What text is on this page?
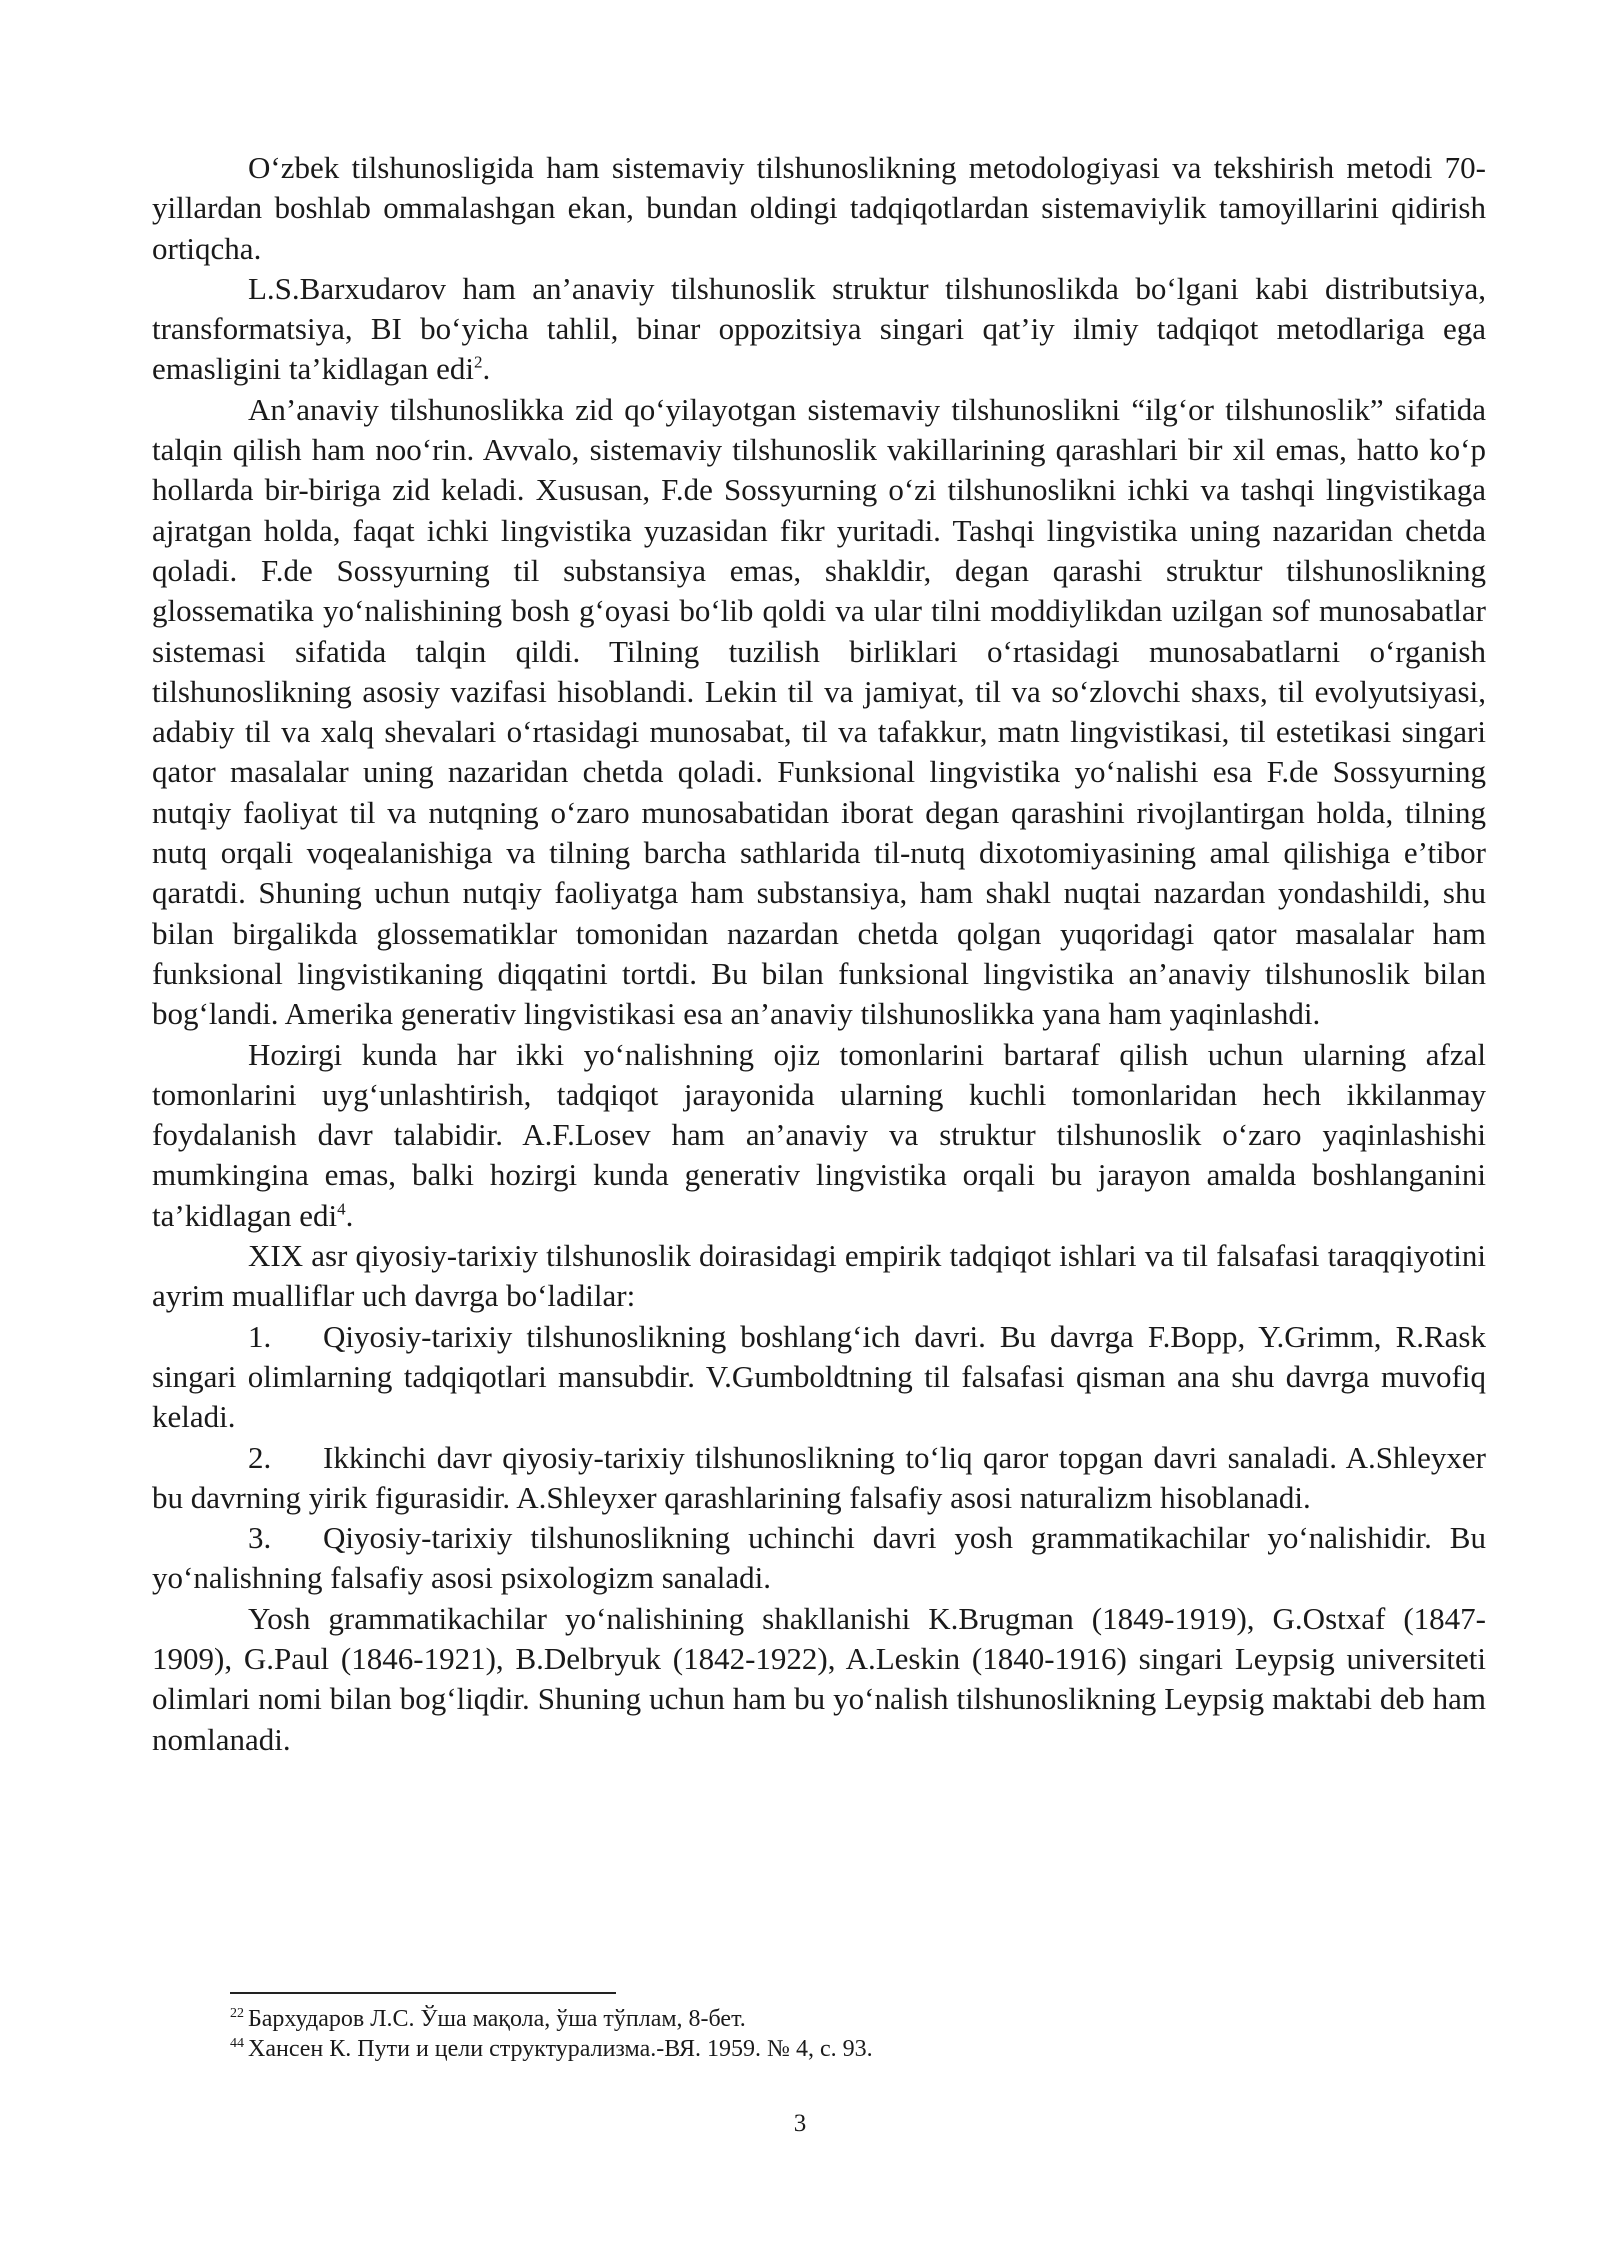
O‘zbek tilshunosligida ham sistemaviy tilshunoslikning metodologiyasi va tekshirish metodi 70-yillardan boshlab ommalashgan ekan, bundan oldingi tadqiqotlardan sistemaviylik tamoyillarini qidirish ortiqcha.

L.S.Barxudarov ham an’anaviy tilshunoslik struktur tilshunoslikda bo‘lgani kabi distributsiya, transformatsiya, BI bo‘yicha tahlil, binar oppozitsiya singari qat’iy ilmiy tadqiqot metodlariga ega emasligini ta’kidlagan edi$^2$.

An’anaviy tilshunoslikka zid qo‘yilayotgan sistemaviy tilshunoslikni “ilg‘or tilshunoslik” sifatida talqin qilish ham noo‘rin. Avvalo, sistemaviy tilshunoslik vakillarining qarashlari bir xil emas, hatto ko‘p hollarda bir-biriga zid keladi. Xususan, F.de Sossyurning o‘zi tilshunoslikni ichki va tashqi lingvistikaga ajratgan holda, faqat ichki lingvistika yuzasidan fikr yuritadi. Tashqi lingvistika uning nazaridan chetda qoladi. F.de Sossyurning til substansiya emas, shakldir, degan qarashi struktur tilshunoslikning glossematika yo‘nalishining bosh g‘oyasi bo‘lib qoldi va ular tilni moddiylikdan uzilgan sof munosabatlar sistemasi sifatida talqin qildi. Tilning tuzilish birliklari o‘rtasidagi munosabatlarni o‘rganish tilshunoslikning asosiy vazifasi hisoblandi. Lekin til va jamiyat, til va so‘zlovchi shaxs, til evolyutsiyasi, adabiy til va xalq shevalari o‘rtasidagi munosabat, til va tafakkur, matn lingvistikasi, til estetikasi singari qator masalalar uning nazaridan chetda qoladi. Funksional lingvistika yo‘nalishi esa F.de Sossyurning nutqiy faoliyat til va nutqning o‘zaro munosabatidan iborat degan qarashini rivojlantirgan holda, tilning nutq orqali voqealanishiga va tilning barcha sathlarida til-nutq dixotomiyasining amal qilishiga e’tibor qaratdi. Shuning uchun nutqiy faoliyatga ham substansiya, ham shakl nuqtai nazardan yondashildi, shu bilan birgalikda glossematiklar tomonidan nazardan chetda qolgan yuqoridagi qator masalalar ham funksional lingvistikaning diqqatini tortdi. Bu bilan funksional lingvistika an’anaviy tilshunoslik bilan bog‘landi. Amerika generativ lingvistikasi esa an’anaviy tilshunoslikka yana ham yaqinlashdi.

Hozirgi kunda har ikki yo‘nalishning ojiz tomonlarini bartaraf qilish uchun ularning afzal tomonlarini uyg‘unlashtirish, tadqiqot jarayonida ularning kuchli tomonlaridan hech ikkilanmay foydalanish davr talabidir. A.F.Losev ham an’anaviy va struktur tilshunoslik o‘zaro yaqinlashishi mumkingina emas, balki hozirgi kunda generativ lingvistika orqali bu jarayon amalda boshlanganini ta’kidlagan edi$^4$.

XIX asr qiyosiy-tarixiy tilshunoslik doirasidagi empirik tadqiqot ishlari va til falsafasi taraqqiyotini ayrim mualliflar uch davrga bo‘ladilar:

1. Qiyosiy-tarixiy tilshunoslikning boshlang‘ich davri. Bu davrga F.Bopp, Y.Grimm, R.Rask singari olimlarning tadqiqotlari mansubdir. V.Gumboldtning til falsafasi qisman ana shu davrga muvofiq keladi.

2. Ikkinchi davr qiyosiy-tarixiy tilshunoslikning to‘liq qaror topgan davri sanaladi. A.Shleyxer bu davrning yirik figurasidir. A.Shleyxer qarashlarining falsafiy asosi naturalizm hisoblanadi.

3. Qiyosiy-tarixiy tilshunoslikning uchinchi davri yosh grammatikachilar yo‘nalishidir. Bu yo‘nalishning falsafiy asosi psixologizm sanaladi.

Yosh grammatikachilar yo‘nalishining shakllanishi K.Brugman (1849-1919), G.Ostxaf (1847-1909), G.Paul (1846-1921), B.Delbryuk (1842-1922), A.Leskin (1840-1916) singari Leypsig universiteti olimlari nomi bilan bog‘liqdir. Shuning uchun ham bu yo‘nalish tilshunoslikning Leypsig maktabi deb ham nomlanadi.

$^{22}$ Бархударов Л.С. Ўша мақола, ўша тўплам, 8-бет.

$^{44}$ Хансен К. Пути и цели структурализма.-ВЯ. 1959. № 4, с. 93.

3
